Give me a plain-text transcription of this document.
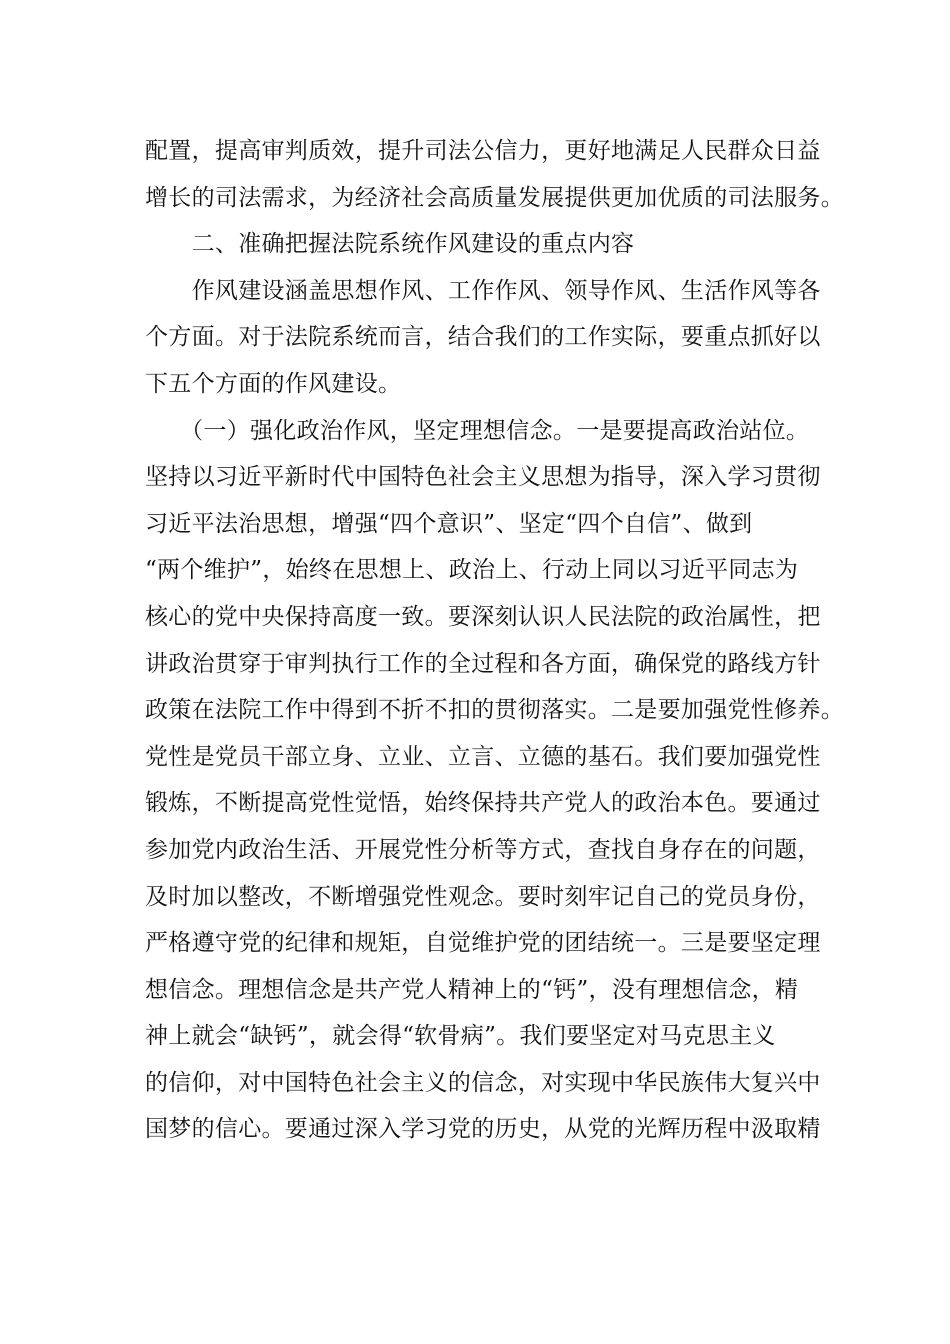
配置，提高审判质效，提升司法公信力，更好地满足人民群众日益
增长的司法需求，为经济社会高质量发展提供更加优质的司法服务。
　　二、准确把握法院系统作风建设的重点内容
　　作风建设涵盖思想作风、工作作风、领导作风、生活作风等各
个方面。对于法院系统而言，结合我们的工作实际，要重点抓好以
下五个方面的作风建设。
　　（一）强化政治作风，坚定理想信念。一是要提高政治站位。
坚持以习近平新时代中国特色社会主义思想为指导，深入学习贯彻
习近平法治思想，增强“四个意识”、坚定“四个自信”、做到
“两个维护”，始终在思想上、政治上、行动上同以习近平同志为
核心的党中央保持高度一致。要深刻认识人民法院的政治属性，把
讲政治贯穿于审判执行工作的全过程和各方面，确保党的路线方针
政策在法院工作中得到不折不扣的贯彻落实。二是要加强党性修养。
党性是党员干部立身、立业、立言、立德的基石。我们要加强党性
锻炼，不断提高党性觉悟，始终保持共产党人的政治本色。要通过
参加党内政治生活、开展党性分析等方式，查找自身存在的问题，
及时加以整改，不断增强党性观念。要时刻牢记自己的党员身份，
严格遵守党的纪律和规矩，自觉维护党的团结统一。三是要坚定理
想信念。理想信念是共产党人精神上的“钙”，没有理想信念，精
神上就会“缺钙”，就会得“软骨病”。我们要坚定对马克思主义
的信仰，对中国特色社会主义的信念，对实现中华民族伟大复兴中
国梦的信心。要通过深入学习党的历史，从党的光辉历程中汲取精
